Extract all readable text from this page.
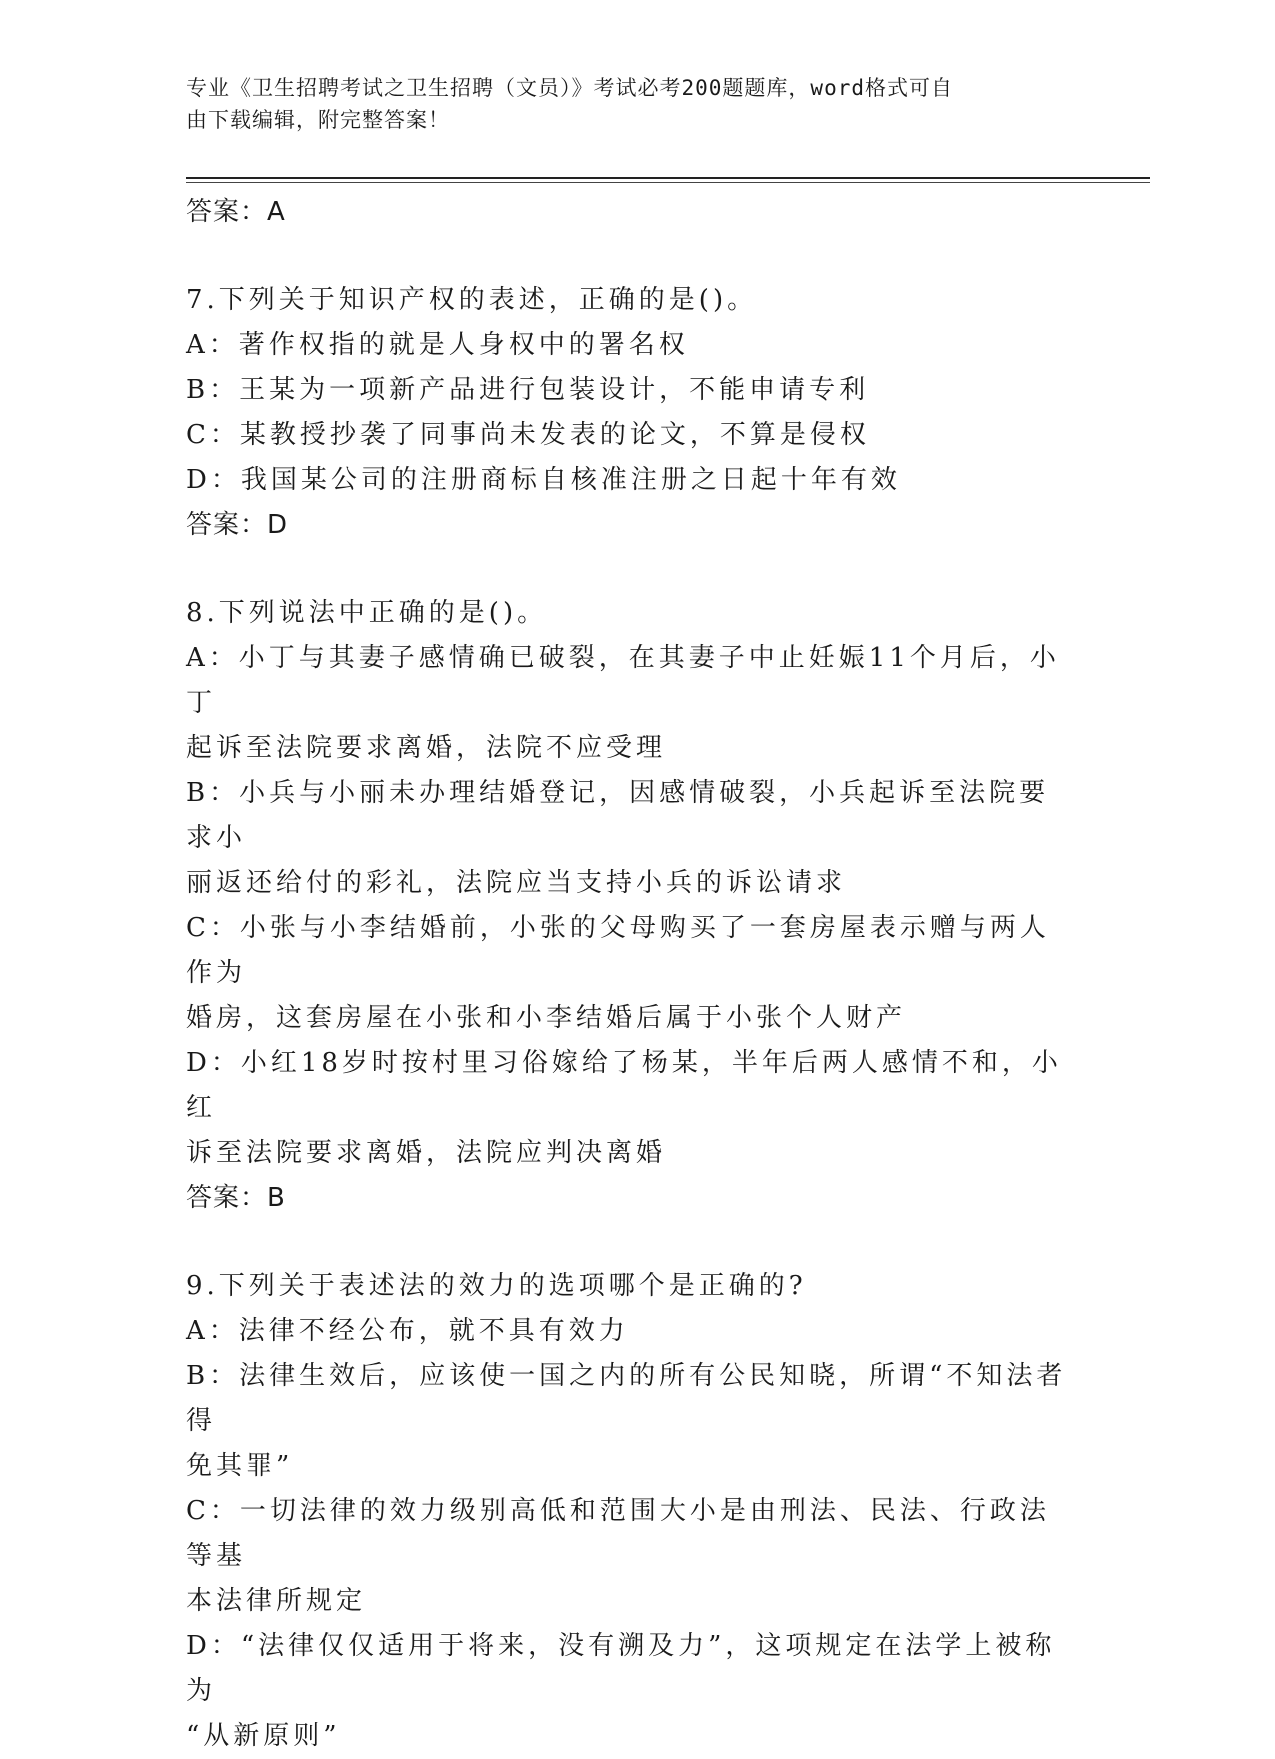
专业《卫生招聘考试之卫生招聘（文员）》考试必考200题题库，word格式可自
由下载编辑，附完整答案！

答案：A

7.下列关于知识产权的表述，正确的是()。

A：著作权指的就是人身权中的署名权

B：王某为一项新产品进行包装设计，不能申请专利

C：某教授抄袭了同事尚未发表的论文，不算是侵权

D：我国某公司的注册商标自核准注册之日起十年有效

答案：D

8.下列说法中正确的是()。

A：小丁与其妻子感情确已破裂，在其妻子中止妊娠11个月后，小丁

起诉至法院要求离婚，法院不应受理

B：小兵与小丽未办理结婚登记，因感情破裂，小兵起诉至法院要求小

丽返还给付的彩礼，法院应当支持小兵的诉讼请求

C：小张与小李结婚前，小张的父母购买了一套房屋表示赠与两人作为

婚房，这套房屋在小张和小李结婚后属于小张个人财产

D：小红18岁时按村里习俗嫁给了杨某，半年后两人感情不和，小红

诉至法院要求离婚，法院应判决离婚

答案：B

9.下列关于表述法的效力的选项哪个是正确的?

A：法律不经公布，就不具有效力

B：法律生效后，应该使一国之内的所有公民知晓，所谓“不知法者得

免其罪”

C：一切法律的效力级别高低和范围大小是由刑法、民法、行政法等基

本法律所规定

D：“法律仅仅适用于将来，没有溯及力”，这项规定在法学上被称为

“从新原则”
